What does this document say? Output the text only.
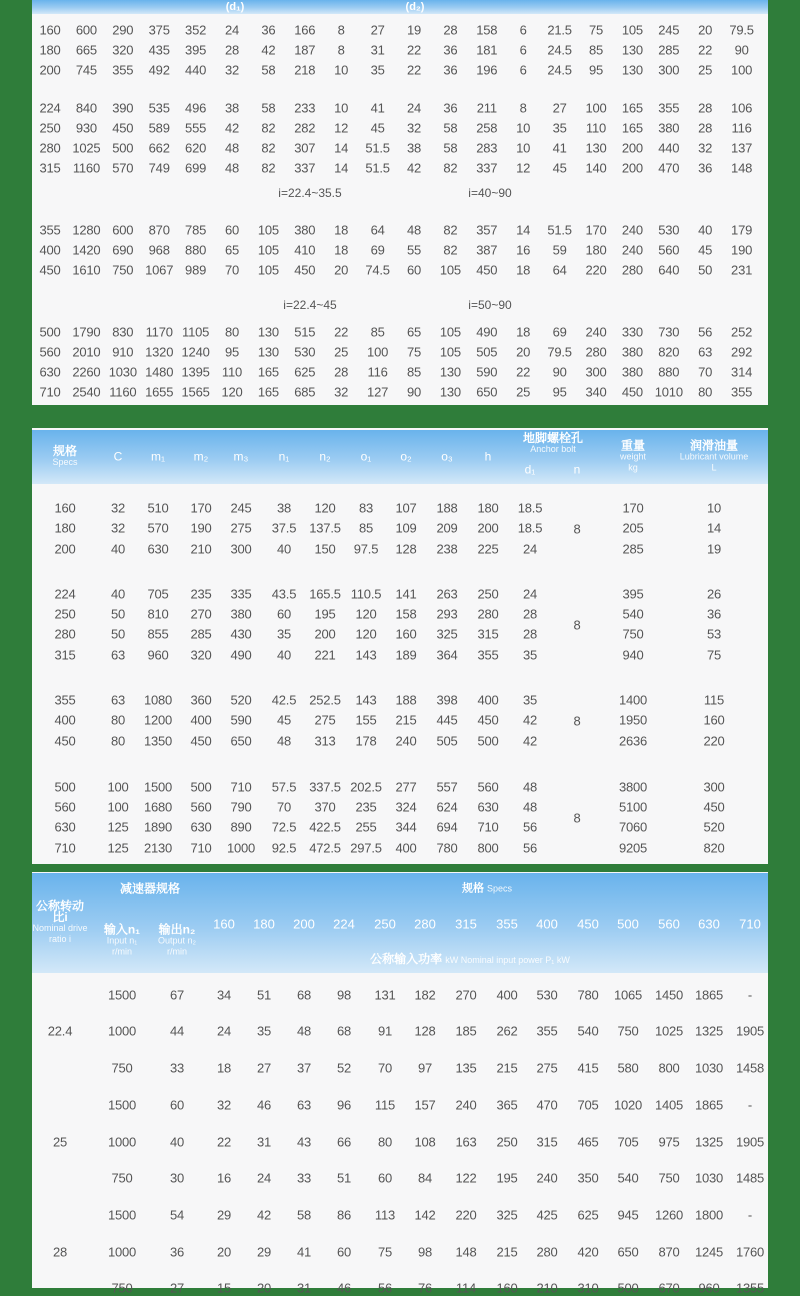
(d₁)	(d₂)
规格
Specs	C m₁ m₂ m₃	n₁ n₂ o₁ o₂ o₃	h
地脚螺栓孔
Anchor bolt
d₁	n
重量
weight
kg
润滑油量
Lubricant volume
L
公称转动比i
Nominal drive ratio i
减速器规格
输入n₁
Input n₁
r/min
输出n₂
Output n₂
r/min
规格 Specs
160 180 200 224 250 280 315 355 400 450 500 560 630 710
公称输入功率 kW Nominal input power P₁ kW
160 600 290 375 352 24 36 166 8 27 19 28 158 6 21.5 75 105 245 20 79.5
180 665 320 435 395 28 42 187 8 31 22 36 181 6 24.5 85 130 285 22 90
200 745 355 492 440 32 58 218 10 35 22 36 196 6 24.5 95 130 300 25 100
224 840 390 535 496 38 58 233 10 41 24 36 211 8 27 100 165 355 28 106
250 930 450 589 555 42 82 282 12 45 32 58 258 10 35 110 165 380 28 116
280 1025 500 662 620 48 82 307 14 51.5 38 58 283 10 41 130 200 440 32 137
315 1160 570 749 699 48 82 337 14 51.5 42 82 337 12 45 140 200 470 36 148
i=22.4~35.5	i=40~90
355 1280 600 870 785 60 105 380 18 64 48 82 357 14 51.5 170 240 530 40 179
400 1420 690 968 880 65 105 410 18 69 55 82 387 16 59 180 240 560 45 190
450 1610 750 1067 989 70 105 450 20 74.5 60 105 450 18 64 220 280 640 50 231
i=22.4~45	i=50~90
500 1790 830 1170 1105 80 130 515 22 85 65 105 490 18 69 240 330 730 56 252
560 2010 910 1320 1240 95 130 530 25 100 75 105 505 20 79.5 280 380 820 63 292
630 2260 1030 1480 1395 110 165 625 28 116 85 130 590 22 90 300 380 880 70 314
710 2540 1160 1655 1565 120 165 685 32 127 90 130 650 25 95 340 450 1010 80 355
160	32 510 170 245 38 120 83 107 188 180 18.5	170	10
180	32 570 190 275 37.5 137.5 85 109 209 200 18.5	205	14
200	40 630 210 300 40 150 97.5 128 238 225 24	285	19
8
224	40 705 235 335 43.5 165.5 110.5 141 263 250 24	395	26
250	50 810 270 380 60 195 120 158 293 280 28	540	36
280	50 855 285 430 35 200 120 160 325 315 28	750	53
315	63 960 320 490 40 221 143 189 364 355 35	940	75
8
355	63 1080 360 520 42.5 252.5 143 188 398 400 35	1400	115
400	80 1200 400 590 45 275 155 215 445 450 42	1950	160
450	80 1350 450 650 48 313 178 240 505 500 42	2636	220
8
500 100 1500 500 710 57.5 337.5 202.5 277 557 560 48	3800	300
560 100 1680 560 790 70 370 235 324 624 630 48	5100	450
630 125 1890 630 890 72.5 422.5 255 344 694 710 56	7060	520
710 125 2130 710 1000 92.5 472.5 297.5 400 780 800 56	9205	820
8
22.4
1500	67	34 51 68 98 131 182 270 400 530 780 1065 1450 1865 -
1000	44	24 35 48 68 91 128 185 262 355 540 750 1025 1325 1905
750	33	18 27 37 52 70 97 135 215 275 415 580 800 1030 1458
25
1500	60	32 46 63 96 115 157 240 365 470 705 1020 1405 1865 -
1000	40	22 31 43 66 80 108 163 250 315 465 705 975 1325 1905
750	30	16 24 33 51 60 84 122 195 240 350 540 750 1030 1485
28
1500	54	29 42 58 86 113 142 220 325 425 625 945 1260 1800 -
1000	36	20 29 41 60 75 98 148 215 280 420 650 870 1245 1760
750	27	15 20 31 46 56 76 114 160 210 310 500 670 960 1355
